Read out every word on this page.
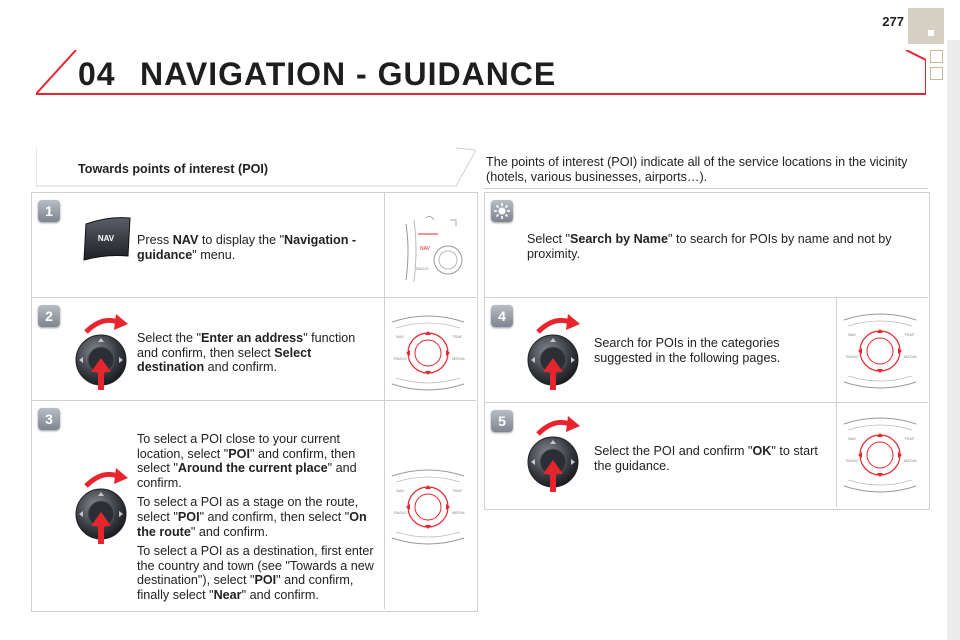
04 NAVIGATION - GUIDANCE
277
Towards points of interest (POI)	The points of interest (POI) indicate all of the service locations in the vicinity (hotels, various businesses, airports…).
1
2
3
4
5
Press NAV to display the "Navigation - guidance" menu.
Select the "Enter an address" function and confirm, then select Select destination and confirm.
To select a POI close to your current location, select "POI" and confirm, then select "Around the current place" and confirm.
To select a POI as a stage on the route, select "POI" and confirm, then select "On the route" and confirm.
To select a POI as a destination, first enter the country and town (see "Towards a new destination"), select "POI" and confirm, finally select "Near" and confirm.
Select "Search by Name" to search for POIs by name and not by proximity.
Search for POIs in the categories suggested in the following pages.
Select the POI and confirm "OK" to start the guidance.
NAV
NAV
RADIO
NAV	TRAF
RADIO	MEDIA
NAV	TRAF
RADIO	MEDIA
NAV	TRAF
RADIO	MEDIA
NAV	TRAF
RADIO	MEDIA
